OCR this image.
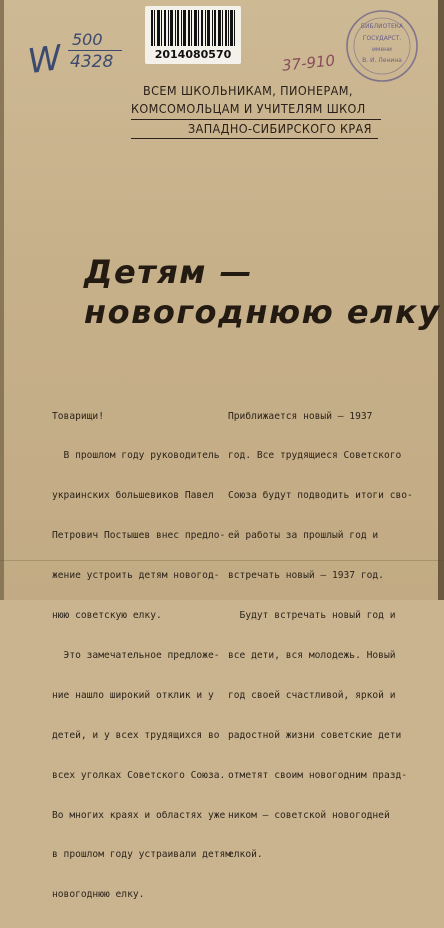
2014080570
W 500
4328	37-910
БИБЛИОТЕКА
ГОСУДАРСТ.
имени
В. И. Ленина
ВСЕМ ШКОЛЬНИКАМ, ПИОНЕРАМ,
КОМСОМОЛЬЦАМ И УЧИТЕЛЯМ ШКОЛ
ЗАПАДНО-СИБИРСКОГО КРАЯ
Детям —
новогоднюю елку

Товарищи!

В прошлом году руководитель

украинских большевиков Павел

Петрович Постышев внес предло-

жение устроить детям новогод-

нюю советскую елку.

Это замечательное предложе-

ние нашло широкий отклик и у

детей, и у всех трудящихся во

всех уголках Советского Союза.

Во многих краях и областях уже

в прошлом году устраивали детям

новогоднюю елку.

Приближается новый — 1937

год. Все трудящиеся Советского

Союза будут подводить итоги сво-

ей работы за прошлый год и

встречать новый — 1937 год.

Будут встречать новый год и

все дети, вся молодежь. Новый

год своей счастливой, яркой и

радостной жизни советские дети

отметят своим новогодним празд-

ником — советской новогодней

елкой.
